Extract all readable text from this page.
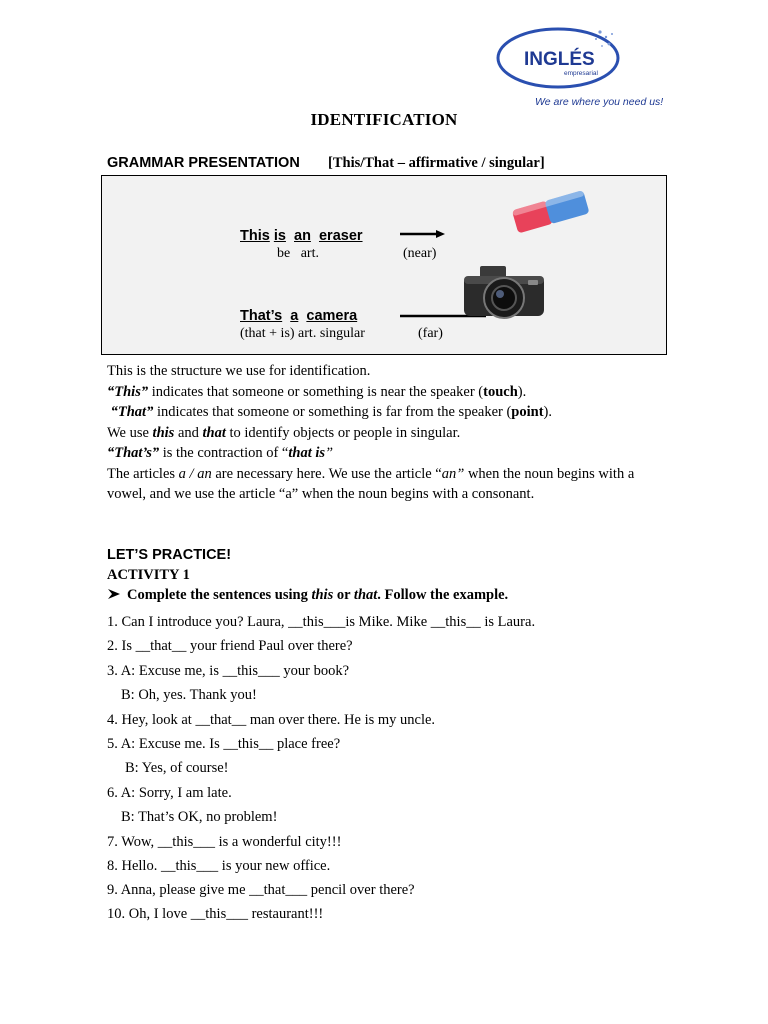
INGLÉS
empresarial
We are where you need us!
IDENTIFICATION
GRAMMAR PRESENTATION [This/That – affirmative / singular]
This is an eraser
be   art.	(near)
That’s a camera
(that + is) art. singular	(far)

This is the structure we use for identification.

“This” indicates that someone or something is near the speaker (touch).

“That” indicates that someone or something is far from the speaker (point).

We use this and that to identify objects or people in singular.

“That’s” is the contraction of “that is”

The articles a / an are necessary here. We use the article “an” when the noun begins with a

vowel, and we use the article “a” when the noun begins with a consonant.

LET’S PRACTICE!
ACTIVITY 1
Complete the sentences using this or that. Follow the example.
1. Can I introduce you? Laura, __this___is Mike. Mike __this__ is Laura.
2. Is __that__ your friend Paul over there?
3. A: Excuse me, is __this___ your book?
B: Oh, yes. Thank you!
4. Hey, look at __that__ man over there. He is my uncle.
5. A: Excuse me. Is __this__ place free?
B: Yes, of course!
6. A: Sorry, I am late.
B: That’s OK, no problem!
7. Wow, __this___ is a wonderful city!!!
8. Hello. __this___ is your new office.
9. Anna, please give me __that___ pencil over there?
10. Oh, I love __this___ restaurant!!!
